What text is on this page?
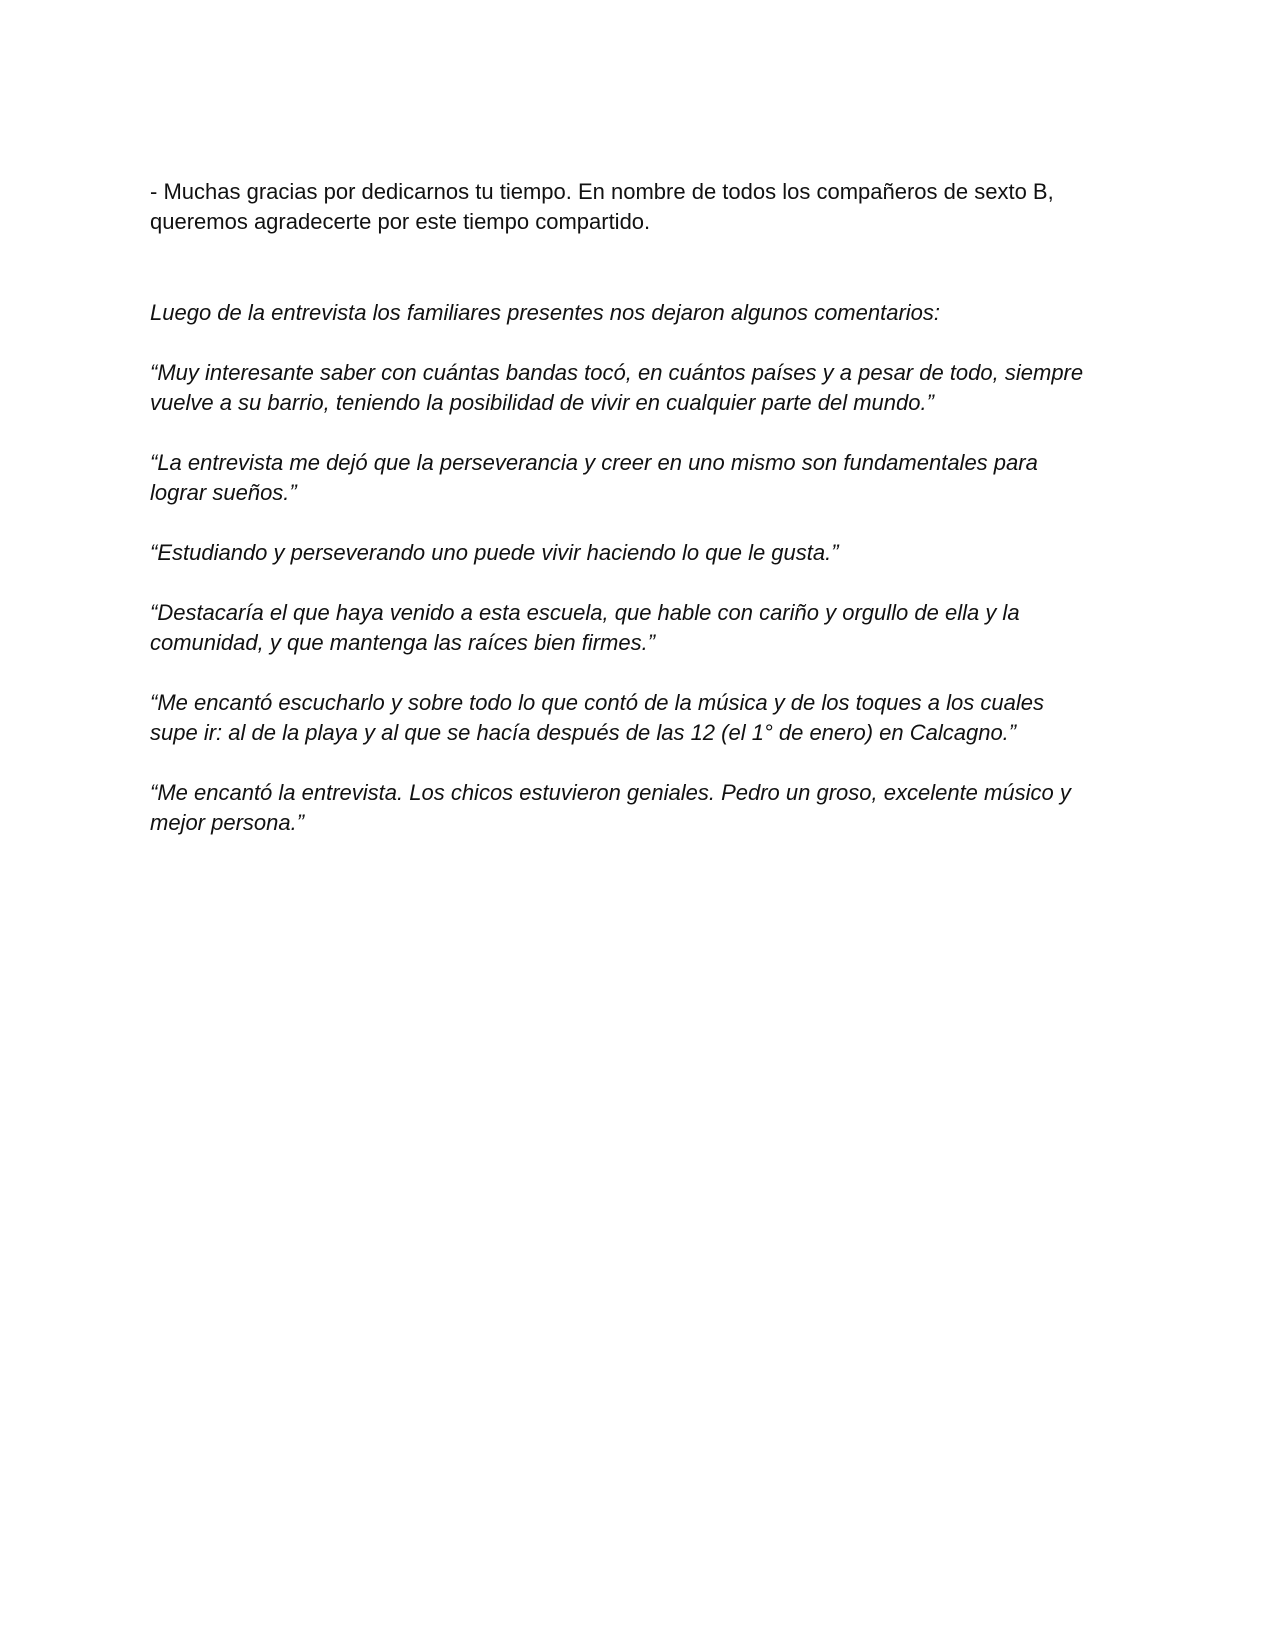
- Muchas gracias por dedicarnos tu tiempo. En nombre de todos los compañeros de sexto B,
queremos agradecerte por este tiempo compartido.
Luego de la entrevista los familiares presentes nos dejaron algunos comentarios:
“Muy interesante saber con cuántas bandas tocó, en cuántos países y a pesar de todo, siempre
vuelve a su barrio, teniendo la posibilidad de vivir en cualquier parte del mundo.”
“La entrevista me dejó que la perseverancia y creer en uno mismo son fundamentales para
lograr sueños.”
“Estudiando y perseverando uno puede vivir haciendo lo que le gusta.”
“Destacaría el que haya venido a esta escuela, que hable con cariño y orgullo de ella y la
comunidad, y que mantenga las raíces bien firmes.”
“Me encantó escucharlo y sobre todo lo que contó de la música y de los toques a los cuales
supe ir: al de la playa y al que se hacía después de las 12 (el 1° de enero) en Calcagno.”
“Me encantó la entrevista. Los chicos estuvieron geniales. Pedro un groso, excelente músico y
mejor persona.”
